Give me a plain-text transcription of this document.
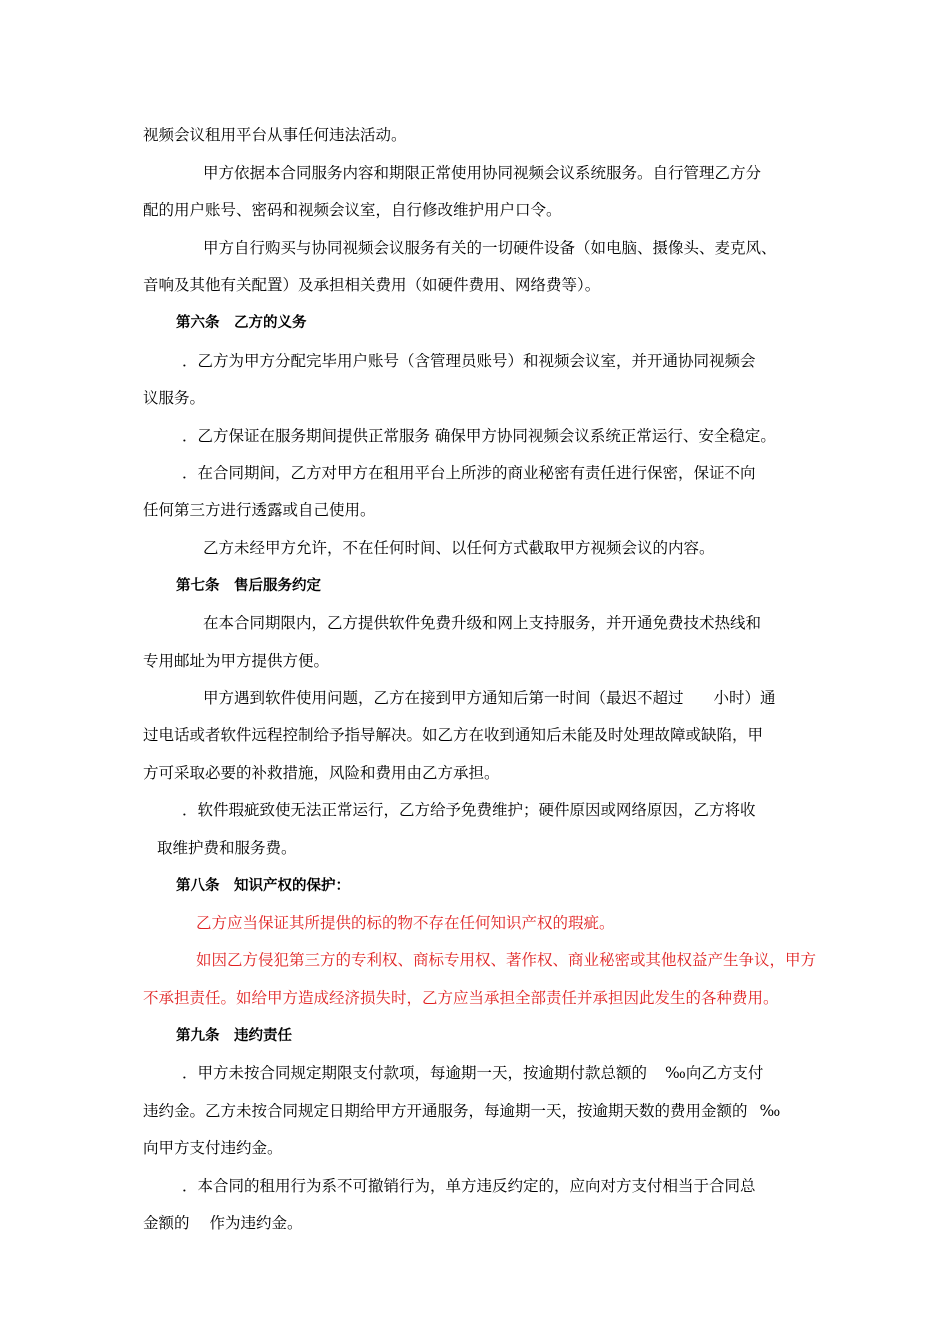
视频会议租用平台从事任何违法活动。
甲方依据本合同服务内容和期限正常使用协同视频会议系统服务。自行管理乙方分
配的用户账号、密码和视频会议室，自行修改维护用户口令。
甲方自行购买与协同视频会议服务有关的一切硬件设备（如电脑、摄像头、麦克风、
音响及其他有关配置）及承担相关费用（如硬件费用、网络费等）。
第六条　乙方的义务
．乙方为甲方分配完毕用户账号（含管理员账号）和视频会议室，并开通协同视频会
议服务。
．乙方保证在服务期间提供正常服务 确保甲方协同视频会议系统正常运行、安全稳定。
．在合同期间，乙方对甲方在租用平台上所涉的商业秘密有责任进行保密，保证不向
任何第三方进行透露或自己使用。
乙方未经甲方允许，不在任何时间、以任何方式截取甲方视频会议的内容。
第七条　售后服务约定
在本合同期限内，乙方提供软件免费升级和网上支持服务，并开通免费技术热线和
专用邮址为甲方提供方便。
甲方遇到软件使用问题，乙方在接到甲方通知后第一时间（最迟不超过 小时）通
过电话或者软件远程控制给予指导解决。如乙方在收到通知后未能及时处理故障或缺陷，甲
方可采取必要的补救措施，风险和费用由乙方承担。
．软件瑕疵致使无法正常运行，乙方给予免费维护；硬件原因或网络原因，乙方将收
取维护费和服务费。
第八条　知识产权的保护：
乙方应当保证其所提供的标的物不存在任何知识产权的瑕疵。
如因乙方侵犯第三方的专利权、商标专用权、著作权、商业秘密或其他权益产生争议，甲方
不承担责任。如给甲方造成经济损失时，乙方应当承担全部责任并承担因此发生的各种费用。
第九条　违约责任
．甲方未按合同规定期限支付款项，每逾期一天，按逾期付款总额的 ‰向乙方支付
违约金。乙方未按合同规定日期给甲方开通服务，每逾期一天，按逾期天数的费用金额的 ‰
向甲方支付违约金。
．本合同的租用行为系不可撤销行为，单方违反约定的，应向对方支付相当于合同总
金额的 作为违约金。
